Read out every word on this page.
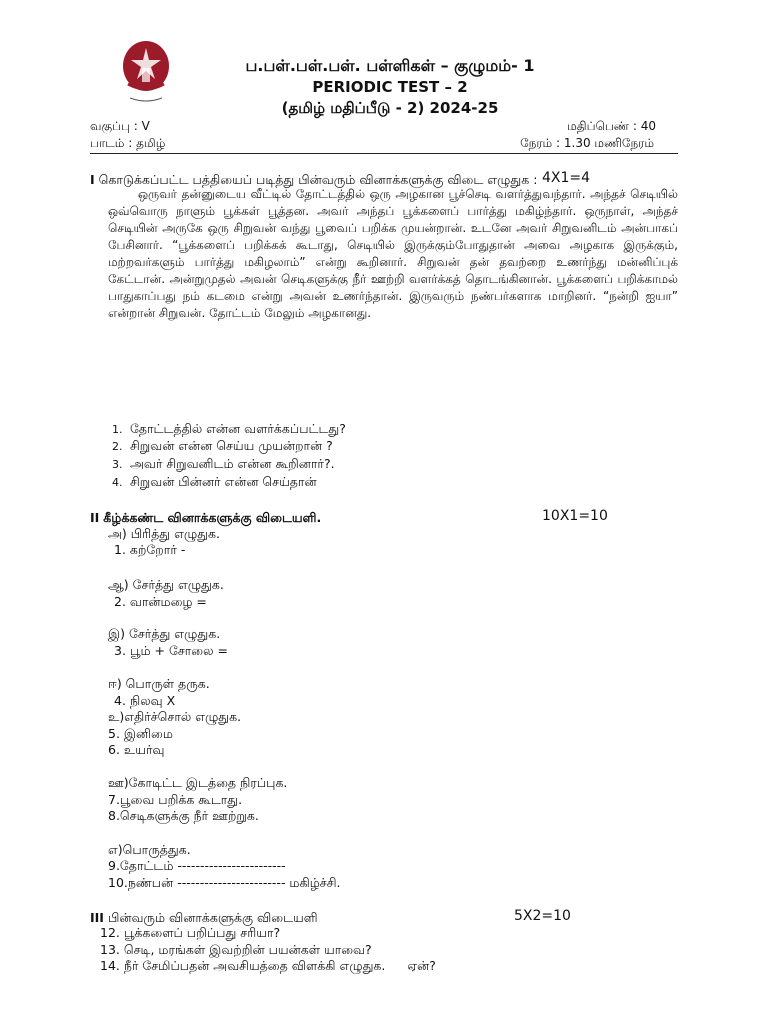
ப.பள்.பள்.பள். பள்ளிகள் – குழுமம்- 1
PERIODIC TEST – 2
(தமிழ் மதிப்பீடு - 2) 2024-25
வகுப்பு : V
பாடம் : தமிழ்
மதிப்பெண் : 40
நேரம் : 1.30 மணிநேரம்
I கொடுக்கப்பட்ட பத்தியைப் படித்து பின்வரும் வினாக்களுக்கு விடை எழுதுக : 4X1=4

ஒருவர் தன்னுடைய வீட்டில் தோட்டத்தில் ஒரு அழகான பூச்செடி வளர்த்துவந்தார். அந்தச் செடியில் ஒவ்வொரு நாளும் பூக்கள் பூத்தன. அவர் அந்தப் பூக்களைப் பார்த்து மகிழ்ந்தார். ஒருநாள், அந்தச் செடியின் அருகே ஒரு சிறுவன் வந்து பூவைப் பறிக்க முயன்றான். உடனே அவர் சிறுவனிடம் அன்பாகப் பேசினார். “பூக்களைப் பறிக்கக் கூடாது, செடியில் இருக்கும்போதுதான் அவை அழகாக இருக்கும், மற்றவர்களும் பார்த்து மகிழலாம்” என்று கூறினார். சிறுவன் தன் தவற்றை உணர்ந்து மன்னிப்புக் கேட்டான். அன்றுமுதல் அவன் செடிகளுக்கு நீர் ஊற்றி வளர்க்கத் தொடங்கினான். பூக்களைப் பறிக்காமல் பாதுகாப்பது நம் கடமை என்று அவன் உணர்ந்தான். இருவரும் நண்பர்களாக மாறினர். “நன்றி ஐயா” என்றான் சிறுவன். தோட்டம் மேலும் அழகானது.

1. தோட்டத்தில் என்ன வளர்க்கப்பட்டது?
2. சிறுவன் என்ன செய்ய முயன்றான் ?
3. அவர் சிறுவனிடம் என்ன கூறினார்?.
4. சிறுவன் பின்னர் என்ன செய்தான்
II கீழ்க்கண்ட வினாக்களுக்கு விடையளி.	10X1=10
அ) பிரித்து எழுதுக.
1. கற்றோர் -
ஆ) சேர்த்து எழுதுக.
2. வான்மழை =
இ) சேர்த்து எழுதுக.
3. பூம் + சோலை =
ஈ) பொருள் தருக.
4. நிலவு X
உ)எதிர்ச்சொல் எழுதுக.
5. இனிமை
6. உயர்வு
ஊ)கோடிட்ட இடத்தை நிரப்புக.
7.பூவை பறிக்க கூடாது.
8.செடிகளுக்கு நீர் ஊற்றுக.
எ)பொருத்துக.
9.தோட்டம் ------------------------
10.நண்பன் ------------------------ மகிழ்ச்சி.
III பின்வரும் வினாக்களுக்கு விடையளி	5X2=10
12. பூக்களைப் பறிப்பது சரியா?
13. செடி, மரங்கள் இவற்றின் பயன்கள் யாவை?
14. நீர் சேமிப்பதன் அவசியத்தை விளக்கி எழுதுக. ஏன்?
